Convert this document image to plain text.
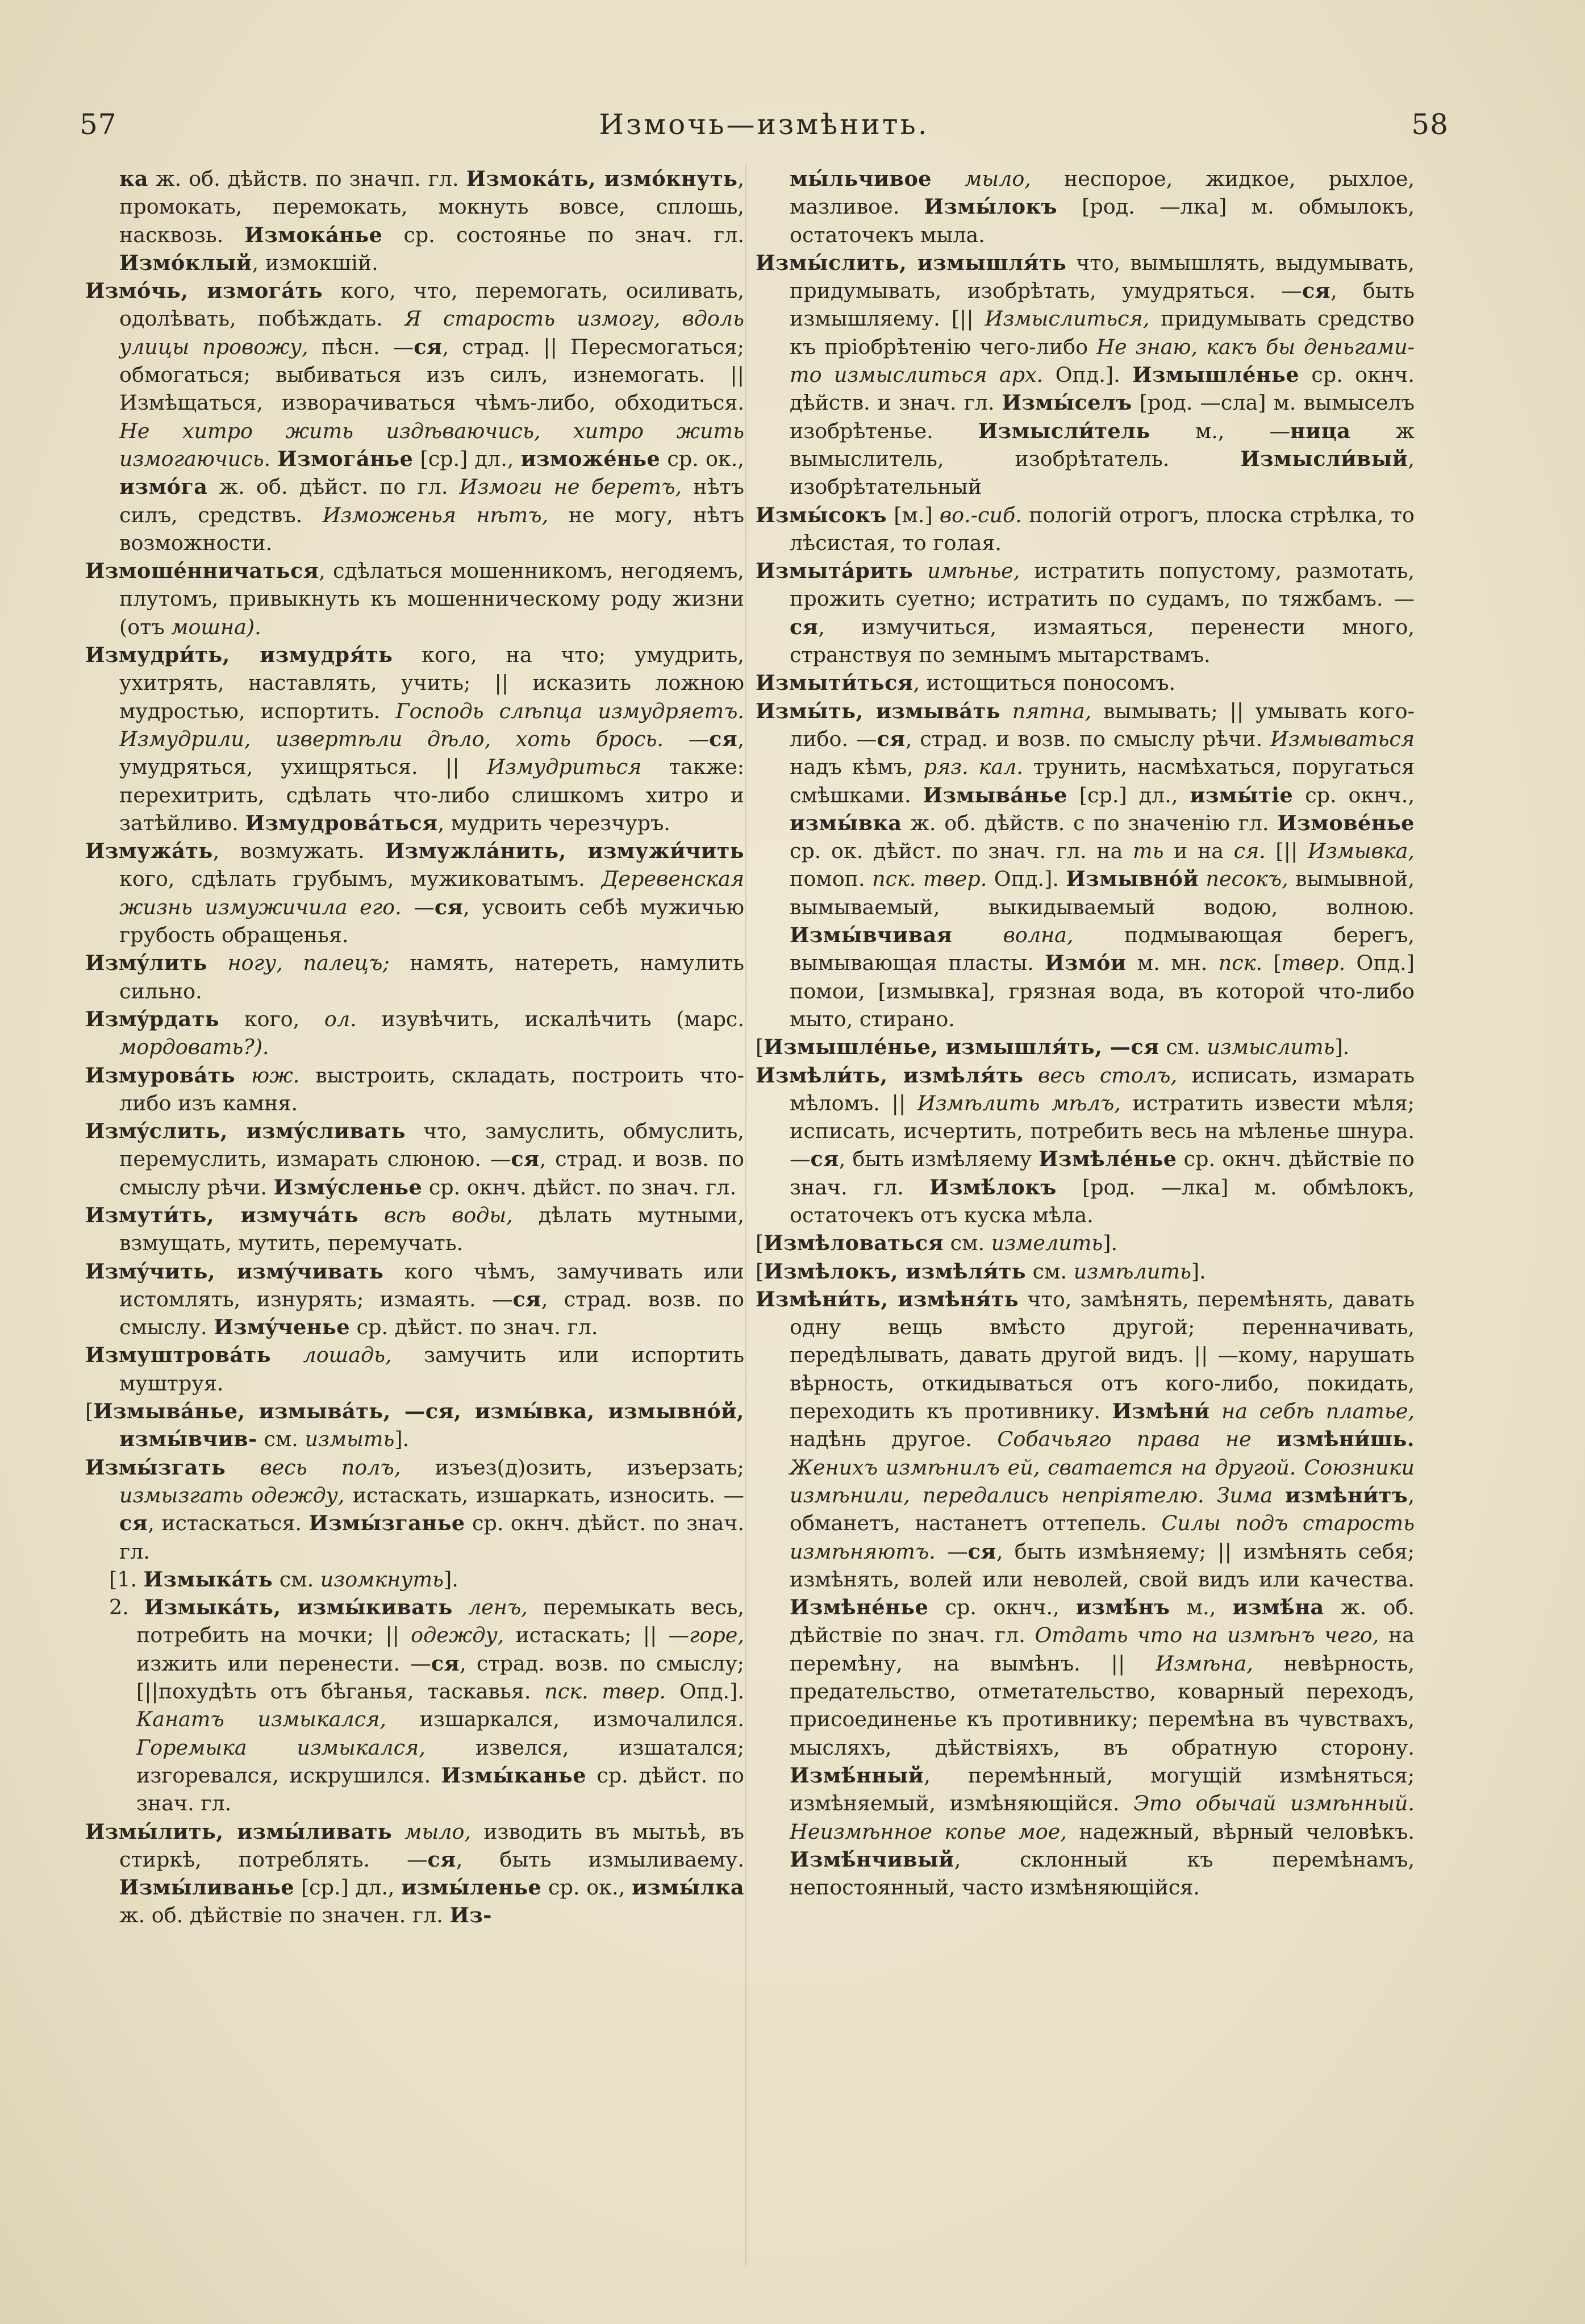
57	Измочь—измѣнить.	58

ка ж. об. дѣйств. по значп. гл. Измокáть, измóкнуть, промокать, перемокать, мокнуть вовсе, сплошь, насквозь. Измокáнье ср. состоянье по знач. гл. Измóклый, измокшій.

Измóчь, измогáть кого, что, перемогать, осиливать, одолѣвать, побѣждать. Я старость измогу, вдоль улицы провожу, пѣсн. —ся, страд. || Пересмогаться; обмогаться; выбиваться изъ силъ, изнемогать. || Измѣщаться, изворачиваться чѣмъ-либо, обходиться. Не хитро жить издѣваючись, хитро жить измогаючись. Измогáнье [ср.] дл., изможéнье ср. ок., измóга ж. об. дѣйст. по гл. Измоги не беретъ, нѣтъ силъ, средствъ. Изможенья нѣтъ, не могу, нѣтъ возможности.

Измошéнничаться, сдѣлаться мошенникомъ, негодяемъ, плутомъ, привыкнуть къ мошенническому роду жизни (отъ мошна).

Измудри́ть, измудря́ть кого, на что; умудрить, ухитрять, наставлять, учить; || исказить ложною мудростью, испортить. Господь слѣпца измудряетъ. Измудрили, извертѣли дѣло, хоть брось. —ся, умудряться, ухищряться. || Измудриться также: перехитрить, сдѣлать что-либо слишкомъ хитро и затѣйливо. Измудровáться, мудрить черезчуръ.

Измужáть, возмужать. Измужлáнить, измужи́чить кого, сдѣлать грубымъ, мужиковатымъ. Деревенская жизнь измужичила его. —ся, усвоить себѣ мужичью грубость обращенья.

Измýлить ногу, палецъ; намять, натереть, намулить сильно.

Измýрдать кого, ол. изувѣчить, искалѣчить (марс. мордовать?).

Измуровáть юж. выстроить, складать, построить что-либо изъ камня.

Измýслить, измýсливать что, замуслить, обмуслить, перемуслить, измарать слюною. —ся, страд. и возв. по смыслу рѣчи. Измýсленье ср. окнч. дѣйст. по знач. гл.

Измути́ть, измучáть всѣ воды, дѣлать мутными, взмущать, мутить, перемучать.

Измýчить, измýчивать кого чѣмъ, замучивать или истомлять, изнурять; измаять. —ся, страд. возв. по смыслу. Измýченье ср. дѣйст. по знач. гл.

Измуштровáть лошадь, замучить или испортить муштруя.

[Измывáнье, измывáть, —ся, измы́вка, измывнóй, измы́вчив- см. измыть].

Измы́згать весь полъ, изъез(д)озить, изъерзать; измызгать одежду, истаскать, изшаркать, износить. —ся, истаскаться. Измы́зганье ср. окнч. дѣйст. по знач. гл.

[1. Измыкáть см. изомкнуть].

2. Измыкáть, измы́кивать ленъ, перемыкать весь, потребить на мочки; || одежду, истаскать; || —горе, изжить или перенести. —ся, страд. возв. по смыслу; [||похудѣть отъ бѣганья, таскавья. пск. твер. Опд.]. Канатъ измыкался, изшаркался, измочалился. Горемыка измыкался, извелся, изшатался; изгоревался, искрушился. Измы́канье ср. дѣйст. по знач. гл.

Измы́лить, измы́ливать мыло, изводить въ мытьѣ, въ стиркѣ, потреблять. —ся, быть измыливаему. Измы́ливанье [ср.] дл., измы́ленье ср. ок., измы́лка ж. об. дѣйствіе по значен. гл. Из-

мы́льчивое мыло, неспорое, жидкое, рыхлое, мазливое. Измы́локъ [род. —лка] м. обмылокъ, остаточекъ мыла.

Измы́слить, измышля́ть что, вымышлять, выдумывать, придумывать, изобрѣтать, умудряться. —ся, быть измышляему. [|| Измыслиться, придумывать средство къ пріобрѣтенію чего-либо Не знаю, какъ бы деньгами-то измыслиться арх. Опд.]. Измышлéнье ср. окнч. дѣйств. и знач. гл. Измы́селъ [род. —сла] м. вымыселъ изобрѣтенье. Измысли́тель м., —ница ж вымыслитель, изобрѣтатель. Измысли́вый, изобрѣтательный

Измы́сокъ [м.] во.-сиб. пологій отрогъ, плоска стрѣлка, то лѣсистая, то голая.

Измытáрить имѣнье, истратить попустому, размотать, прожить суетно; истратить по судамъ, по тяжбамъ. —ся, измучиться, измаяться, перенести много, странствуя по земнымъ мытарствамъ.

Измыти́ться, истощиться поносомъ.

Измы́ть, измывáть пятна, вымывать; || умывать кого-либо. —ся, страд. и возв. по смыслу рѣчи. Измываться надъ кѣмъ, ряз. кал. трунить, насмѣхаться, поругаться смѣшками. Измывáнье [ср.] дл., измы́тіе ср. окнч., измы́вка ж. об. дѣйств. с по значенію гл. Измовéнье ср. ок. дѣйст. по знач. гл. на ть и на ся. [|| Измывка, помоп. пск. твер. Опд.]. Измывнóй песокъ, вымывной, вымываемый, выкидываемый водою, волною. Измы́вчивая волна, подмывающая берегъ, вымывающая пласты. Измóи м. мн. пск. [твер. Опд.] помои, [измывка], грязная вода, въ которой что-либо мыто, стирано.

[Измышлéнье, измышля́ть, —ся см. измыслить].

Измѣли́ть, измѣля́ть весь столъ, исписать, измарать мѣломъ. || Измѣлить мѣлъ, истратить извести мѣля; исписать, исчертить, потребить весь на мѣленье шнура. —ся, быть измѣляему Измѣлéнье ср. окнч. дѣйствіе по знач. гл. Измѣ́локъ [род. —лка] м. обмѣлокъ, остаточекъ отъ куска мѣла.

[Измѣловаться см. измелить].

[Измѣлокъ, измѣля́ть см. измѣлить].

Измѣни́ть, измѣня́ть что, замѣнять, перемѣнять, давать одну вещь вмѣсто другой; перенначивать, передѣлывать, давать другой видъ. || —кому, нарушать вѣрность, откидываться отъ кого-либо, покидать, переходить къ противнику. Измѣни́ на себѣ платье, надѣнь другое. Собачьяго права не измѣни́шь. Женихъ измѣнилъ ей, сватается на другой. Союзники измѣнили, передались непріятелю. Зима измѣни́тъ, обманетъ, настанетъ оттепель. Силы подъ старость измѣняютъ. —ся, быть измѣняему; || измѣнять себя; измѣнять, волей или неволей, свой видъ или качества. Измѣнéнье ср. окнч., измѣ́нъ м., измѣ́на ж. об. дѣйствіе по знач. гл. Отдать что на измѣнъ чего, на перемѣну, на вымѣнъ. || Измѣна, невѣрность, предательство, отметательство, коварный переходъ, присоединенье къ противнику; перемѣна въ чувствахъ, мысляхъ, дѣйствіяхъ, въ обратную сторону. Измѣ́нный, перемѣнный, могущій измѣняться; измѣняемый, измѣняющійся. Это обычай измѣнный. Неизмѣнное копье мое, надежный, вѣрный человѣкъ. Измѣ́нчивый, склонный къ перемѣнамъ, непостоянный, часто измѣняющійся.
